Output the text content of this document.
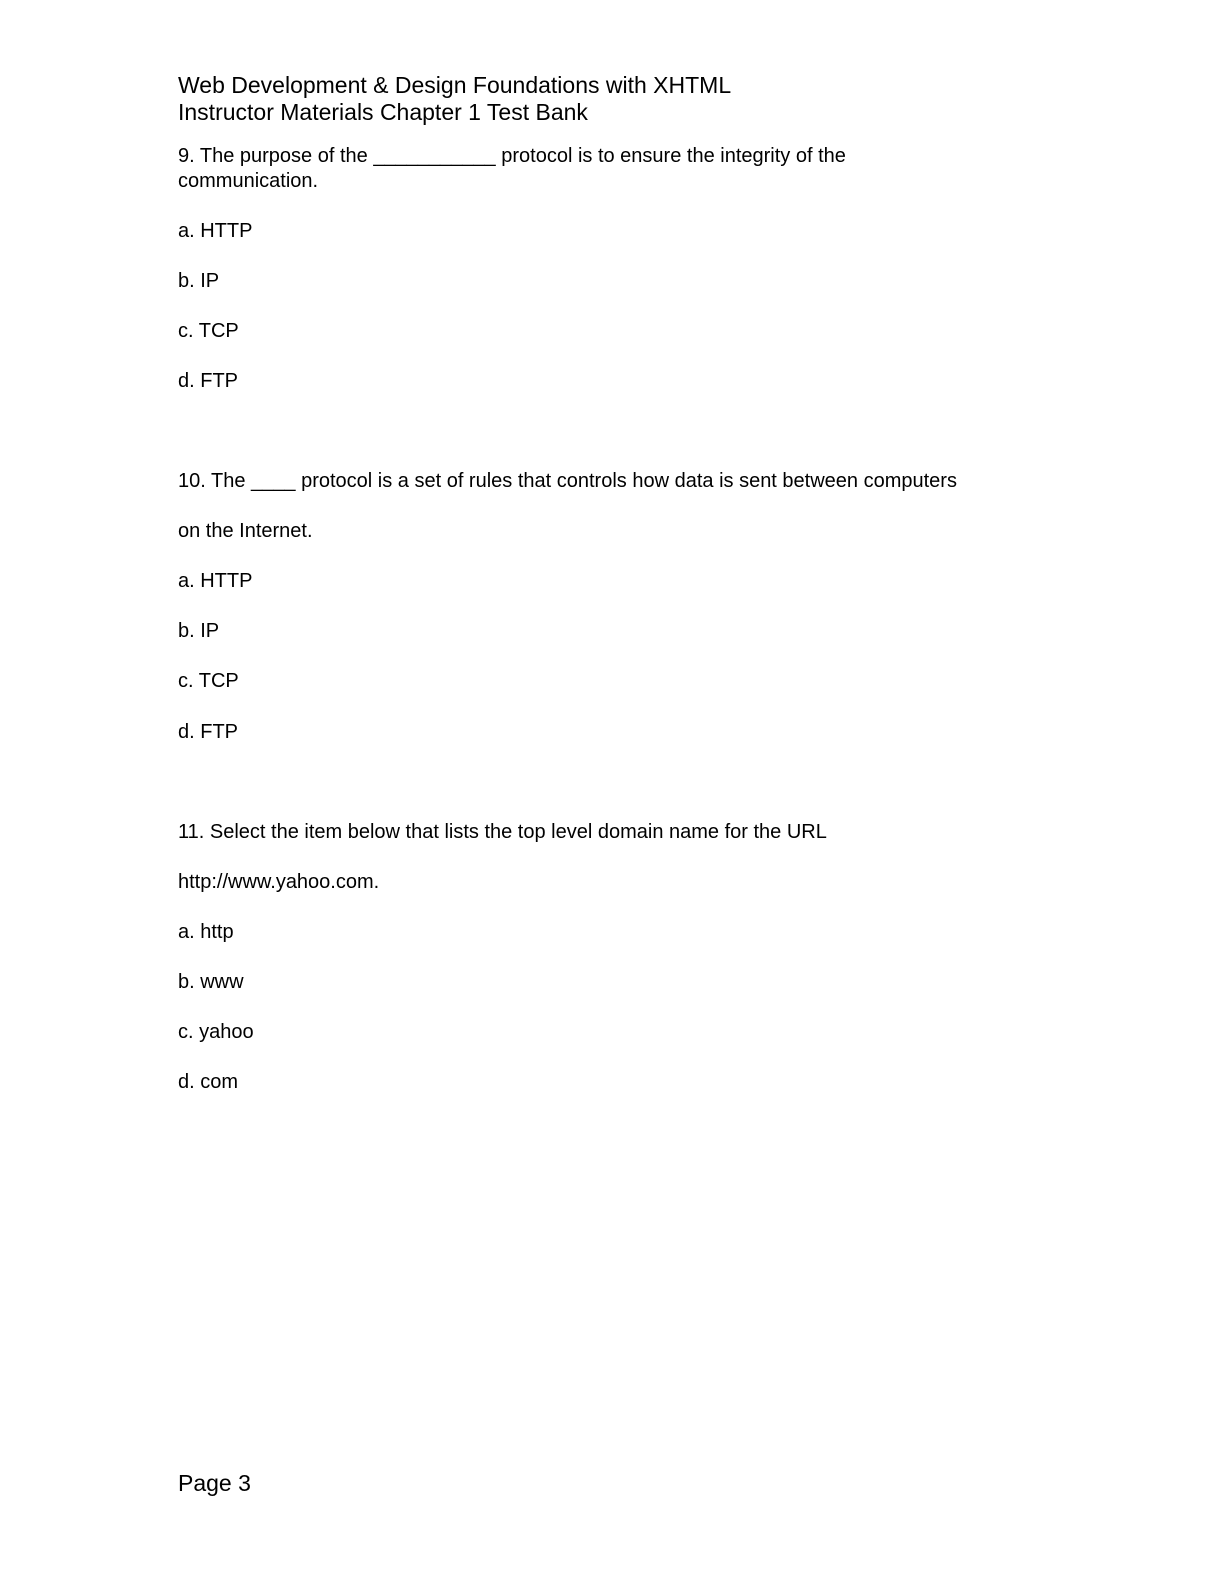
Web Development & Design Foundations with XHTML
Instructor Materials Chapter 1 Test Bank
9. The purpose of the ___________ protocol is to ensure the integrity of the
communication.
a. HTTP
b. IP
c. TCP
d. FTP
10. The ____ protocol is a set of rules that controls how data is sent between computers
on the Internet.
a. HTTP
b. IP
c. TCP
d. FTP
11. Select the item below that lists the top level domain name for the URL
http://www.yahoo.com.
a. http
b. www
c. yahoo
d. com
Page 3
